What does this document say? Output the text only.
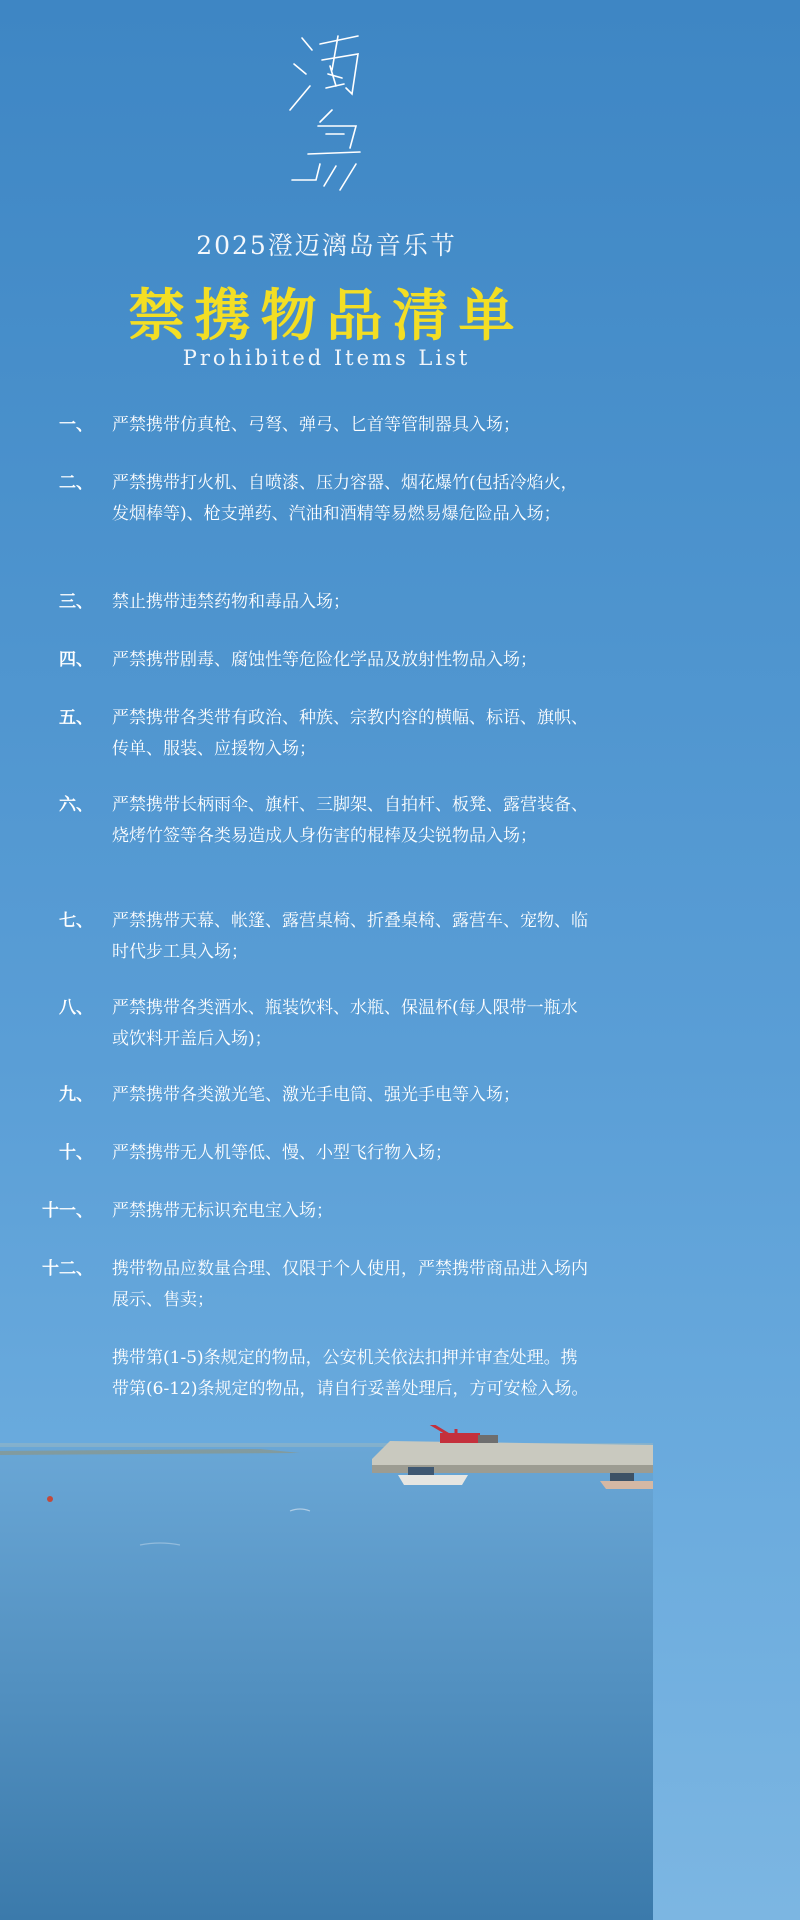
2025澄迈漓岛音乐节
禁携物品清单
Prohibited Items List
一、 严禁携带仿真枪、弓弩、弹弓、匕首等管制器具入场；
二、 严禁携带打火机、自喷漆、压力容器、烟花爆竹(包括冷焰火，发烟棒等)、枪支弹药、汽油和酒精等易燃易爆危险品入场；
三、 禁止携带违禁药物和毒品入场；
四、 严禁携带剧毒、腐蚀性等危险化学品及放射性物品入场；
五、 严禁携带各类带有政治、种族、宗教内容的横幅、标语、旗帜、传单、服装、应援物入场；
六、 严禁携带长柄雨伞、旗杆、三脚架、自拍杆、板凳、露营装备、烧烤竹签等各类易造成人身伤害的棍棒及尖锐物品入场；
七、 严禁携带天幕、帐篷、露营桌椅、折叠桌椅、露营车、宠物、临时代步工具入场；
八、 严禁携带各类酒水、瓶装饮料、水瓶、保温杯(每人限带一瓶水或饮料开盖后入场)；
九、 严禁携带各类激光笔、激光手电筒、强光手电等入场；
十、 严禁携带无人机等低、慢、小型飞行物入场；
十一、 严禁携带无标识充电宝入场；
十二、 携带物品应数量合理、仅限于个人使用，严禁携带商品进入场内展示、售卖；
携带第(1-5)条规定的物品，公安机关依法扣押并审查处理。携带第(6-12)条规定的物品，请自行妥善处理后，方可安检入场。
